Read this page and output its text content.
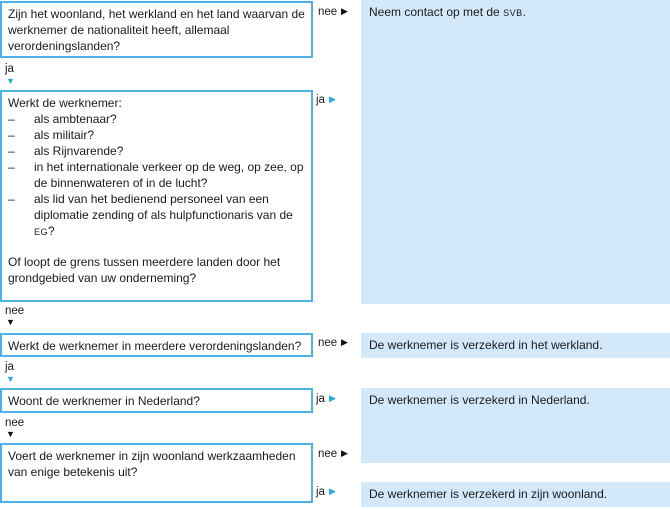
Neem contact op met de SVB.
De werknemer is verzekerd in het werkland.
De werknemer is verzekerd in Nederland.
De werknemer is verzekerd in zijn woonland.

Zijn het woonland, het werkland en het land waarvan de werknemer de nationaliteit heeft, allemaal verordeningslanden?

nee ▶
ja
▼

Werkt de werknemer:

– als ambtenaar?
– als militair?
– als Rijnvarende?
– in het internationale verkeer op de weg, op zee, op de binnenwateren of in de lucht?
– als lid van het bedienend personeel van een diplomatie zending of als hulpfunctionaris van de EG?

Of loopt de grens tussen meerdere landen door het grondgebied van uw onderneming?

ja ▶
nee
▼

Werkt de werknemer in meerdere verordeningslanden?	nee ▶
ja
▼

Woont de werknemer in Nederland?	ja ▶
nee
▼

Voert de werknemer in zijn woonland werkzaamheden van enige betekenis uit?

nee ▶
ja ▶
